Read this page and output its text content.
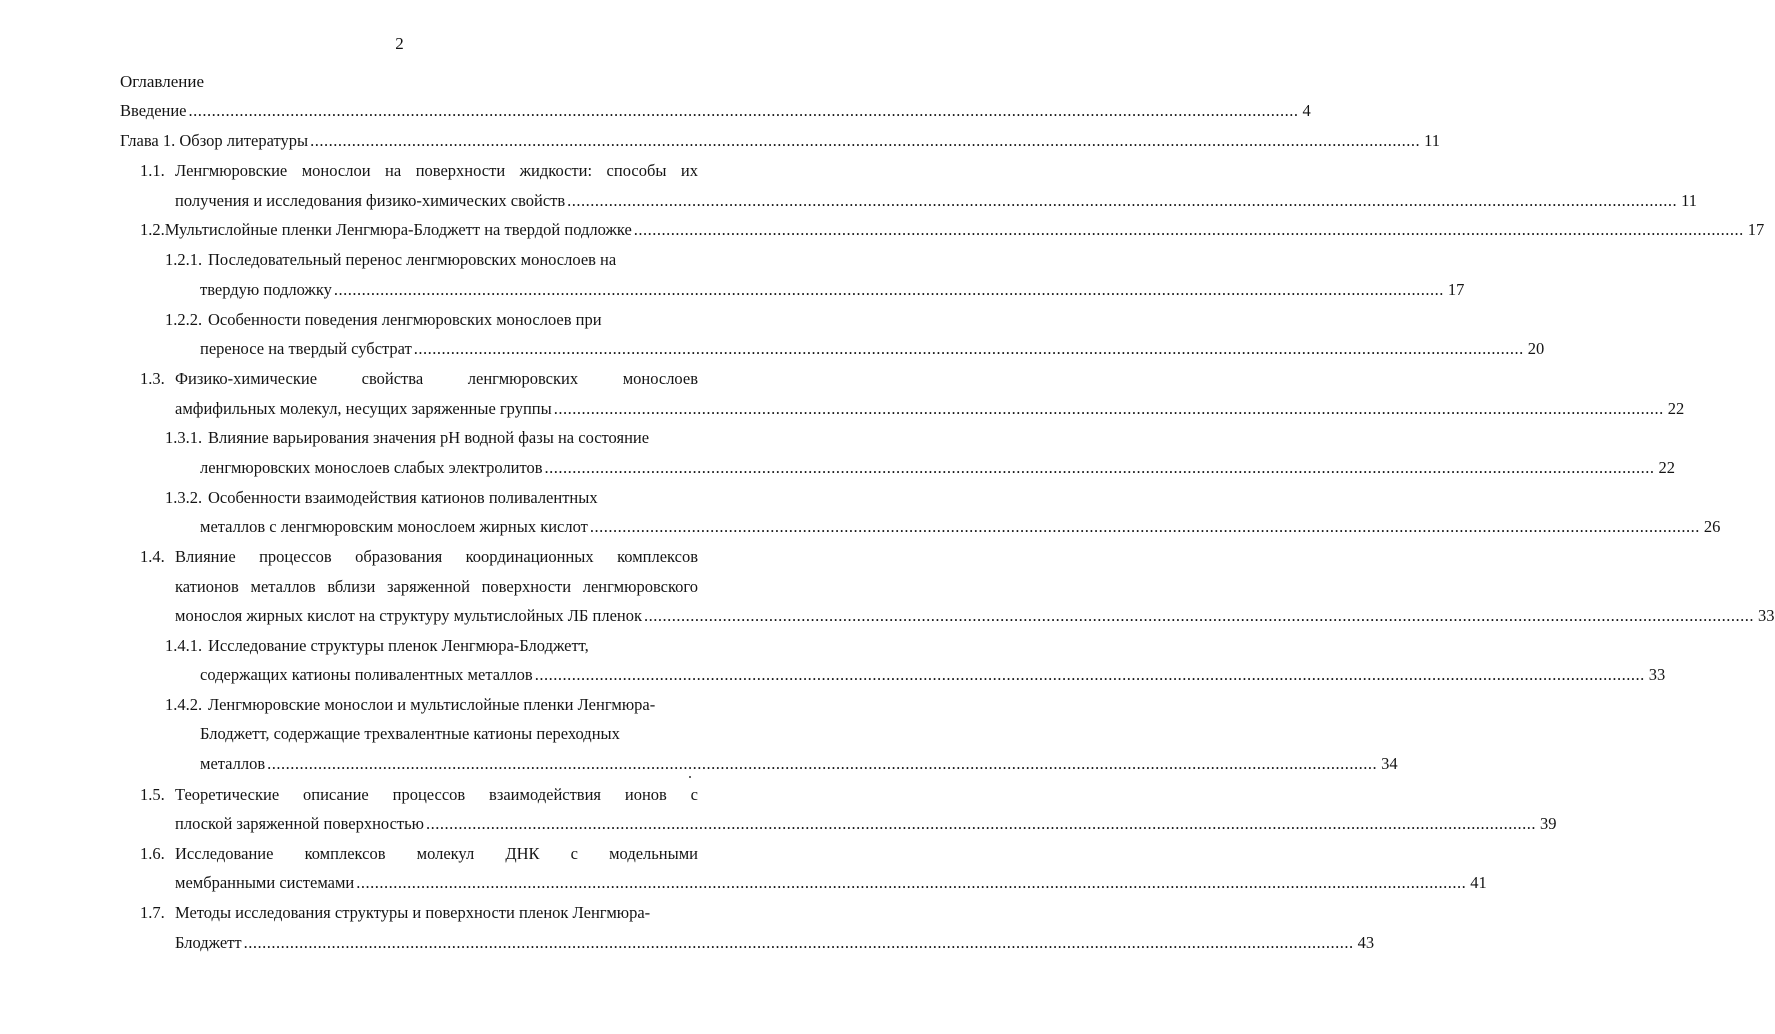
2
Оглавление
Введение .....	4
Глава 1. Обзор литературы .....	11
1.1. Ленгмюровские монослои на поверхности жидкости: способы их
получения и исследования физико-химических свойств .....	11
1.2. Мультислойные пленки Ленгмюра-Блоджетт на твердой подложке .....	17
1.2.1. Последовательный перенос ленгмюровских монослоев на
твердую подложку .....	17
1.2.2. Особенности поведения ленгмюровских монослоев при
переносе на твердый субстрат .....	20
1.3. Физико-химические свойства ленгмюровских монослоев
амфифильных молекул, несущих заряженные группы .....	22
1.3.1. Влияние варьирования значения pH водной фазы на состояние
ленгмюровских монослоев слабых электролитов .....	22
1.3.2. Особенности взаимодействия катионов поливалентных
металлов с ленгмюровским монослоем жирных кислот .....	26
1.4. Влияние процессов образования координационных комплексов
катионов металлов вблизи заряженной поверхности ленгмюровского
монослоя жирных кислот на структуру мультислойных ЛБ пленок .....	33
1.4.1. Исследование структуры пленок Ленгмюра-Блоджетт,
содержащих катионы поливалентных металлов .....	33
1.4.2. Ленгмюровские монослои и мультислойные пленки Ленгмюра-
Блоджетт, содержащие трехвалентные катионы переходных
металлов .....	34
1.5. Теоретические описание процессов взаимодействия ионов с
плоской заряженной поверхностью .....	39
1.6. Исследование комплексов молекул ДНК с модельными
мембранными системами .....	41
1.7. Методы исследования структуры и поверхности пленок Ленгмюра-
Блоджетт .....	43
